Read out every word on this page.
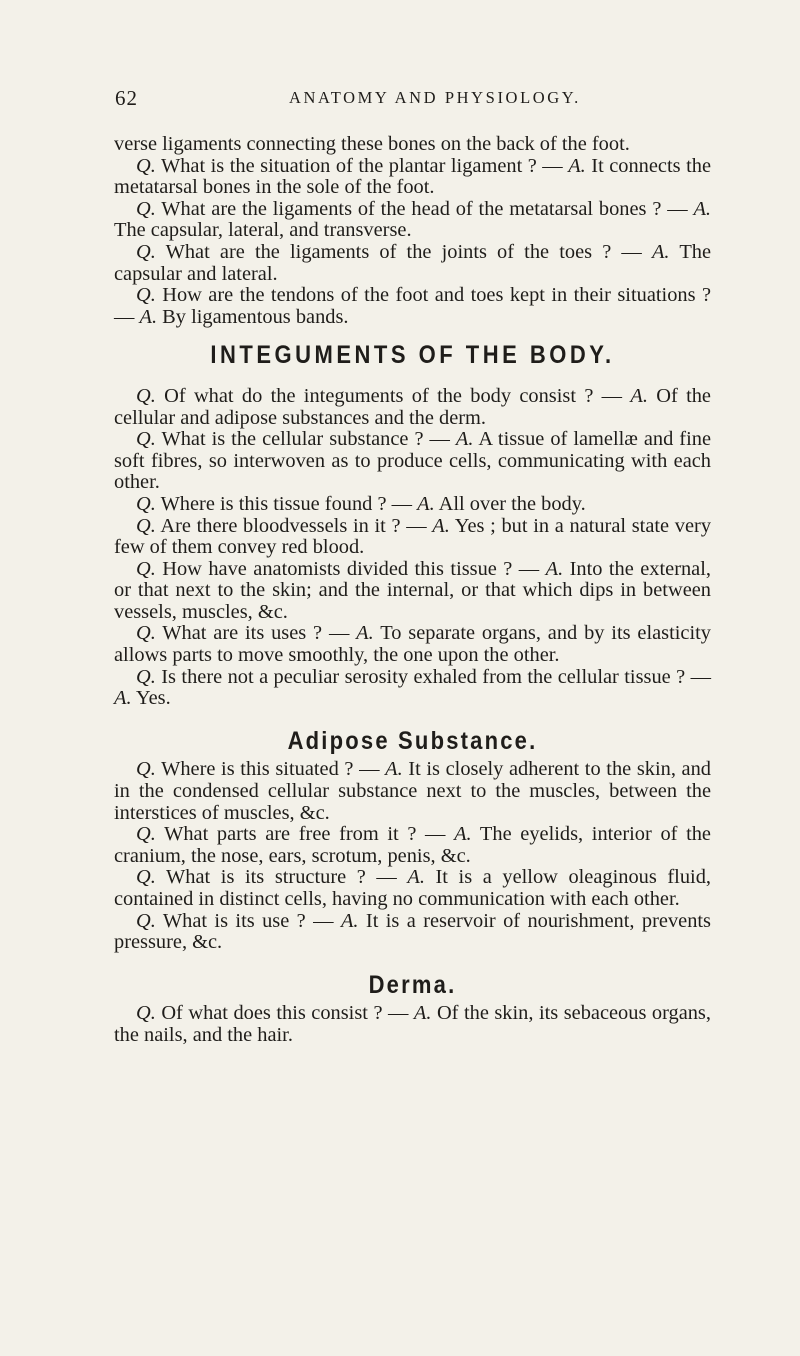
62	ANATOMY AND PHYSIOLOGY.

verse ligaments connecting these bones on the back of the foot.

Q. What is the situation of the plantar ligament ? — A. It connects the metatarsal bones in the sole of the foot.

Q. What are the ligaments of the head of the metatarsal bones ? — A. The capsular, lateral, and transverse.

Q. What are the ligaments of the joints of the toes ? — A. The capsular and lateral.

Q. How are the tendons of the foot and toes kept in their situations ? — A. By ligamentous bands.

INTEGUMENTS OF THE BODY.

Q. Of what do the integuments of the body consist ? — A. Of the cellular and adipose substances and the derm.

Q. What is the cellular substance ? — A. A tissue of lamellæ and fine soft fibres, so interwoven as to produce cells, communicating with each other.

Q. Where is this tissue found ? — A. All over the body.

Q. Are there bloodvessels in it ? — A. Yes ; but in a natural state very few of them convey red blood.

Q. How have anatomists divided this tissue ? — A. Into the external, or that next to the skin; and the internal, or that which dips in between vessels, muscles, &c.

Q. What are its uses ? — A. To separate organs, and by its elasticity allows parts to move smoothly, the one upon the other.

Q. Is there not a peculiar serosity exhaled from the cellular tissue ? — A. Yes.

Adipose Substance.

Q. Where is this situated ? — A. It is closely adherent to the skin, and in the condensed cellular substance next to the muscles, between the interstices of muscles, &c.

Q. What parts are free from it ? — A. The eyelids, interior of the cranium, the nose, ears, scrotum, penis, &c.

Q. What is its structure ? — A. It is a yellow oleaginous fluid, contained in distinct cells, having no communication with each other.

Q. What is its use ? — A. It is a reservoir of nourishment, prevents pressure, &c.

Derma.

Q. Of what does this consist ? — A. Of the skin, its sebaceous organs, the nails, and the hair.
